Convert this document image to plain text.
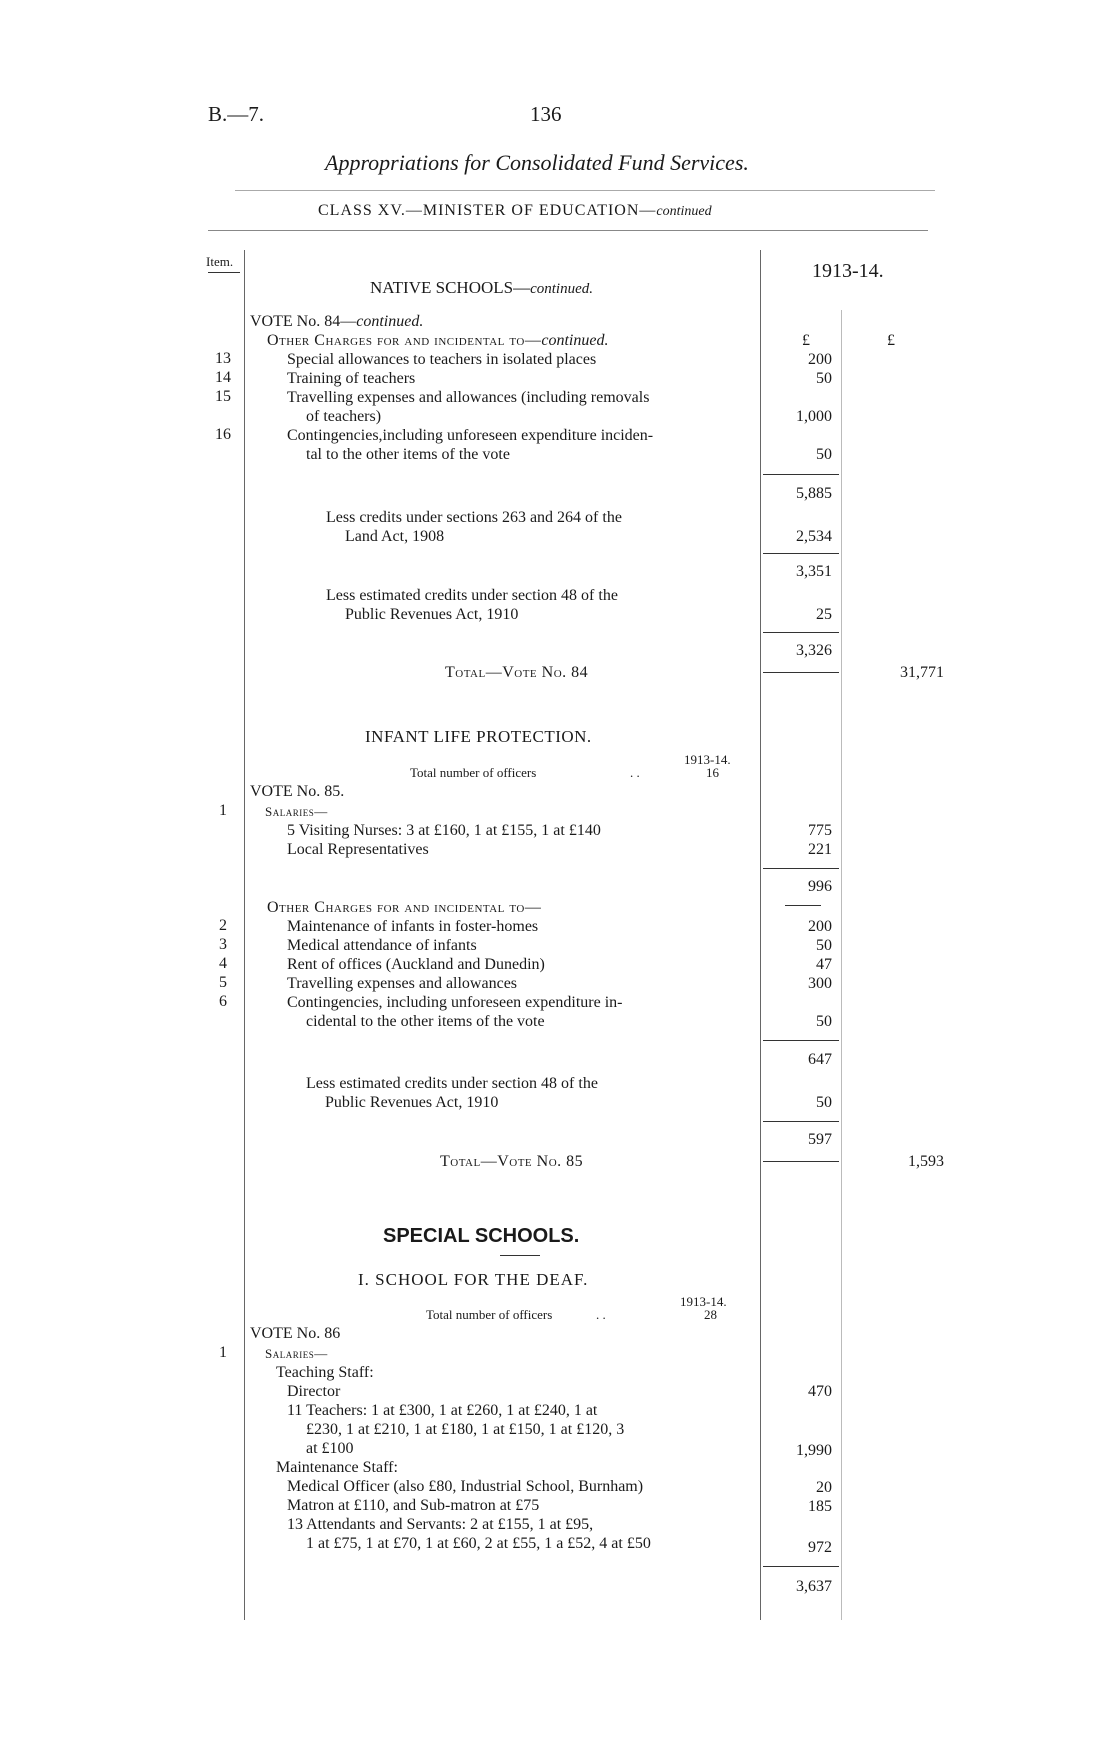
B.—7.	136
Appropriations for Consolidated Fund Services.
CLASS XV.—MINISTER OF EDUCATION—continued
Item.	1913-14.
NATIVE SCHOOLS—continued.
VOTE No. 84—continued.
Other Charges for and incidental to—continued.	£	£
13	Special allowances to teachers in isolated places	200
14	Training of teachers	50
15	Travelling expenses and allowances (including removals
of teachers)	1,000
16	Contingencies,including unforeseen expenditure inciden-
tal to the other items of the vote	50
5,885
Less credits under sections 263 and 264 of the
Land Act, 1908	2,534
3,351
Less estimated credits under section 48 of the
Public Revenues Act, 1910	25
3,326
Total—Vote No. 84	31,771
INFANT LIFE PROTECTION.
1913-14.
Total number of officers	. .	16
VOTE No. 85.
1	Salaries—
5 Visiting Nurses: 3 at £160, 1 at £155, 1 at £140	775
Local Representatives	221
996
Other Charges for and incidental to—
2	Maintenance of infants in foster-homes	200
3	Medical attendance of infants	50
4	Rent of offices (Auckland and Dunedin)	47
5	Travelling expenses and allowances	300
6	Contingencies, including unforeseen expenditure in-
cidental to the other items of the vote	50
647
Less estimated credits under section 48 of the
Public Revenues Act, 1910	50
597
Total—Vote No. 85	1,593
SPECIAL SCHOOLS.
I. SCHOOL FOR THE DEAF.
1913-14.
Total number of officers	. .	28
VOTE No. 86
1	Salaries—
Teaching Staff:
Director	470
11 Teachers: 1 at £300, 1 at £260, 1 at £240, 1 at
£230, 1 at £210, 1 at £180, 1 at £150, 1 at £120, 3
at £100	1,990
Maintenance Staff:
Medical Officer (also £80, Industrial School, Burnham)	20
Matron at £110, and Sub-matron at £75	185
13 Attendants and Servants: 2 at £155, 1 at £95,
1 at £75, 1 at £70, 1 at £60, 2 at £55, 1 a £52, 4 at £50	972
3,637
